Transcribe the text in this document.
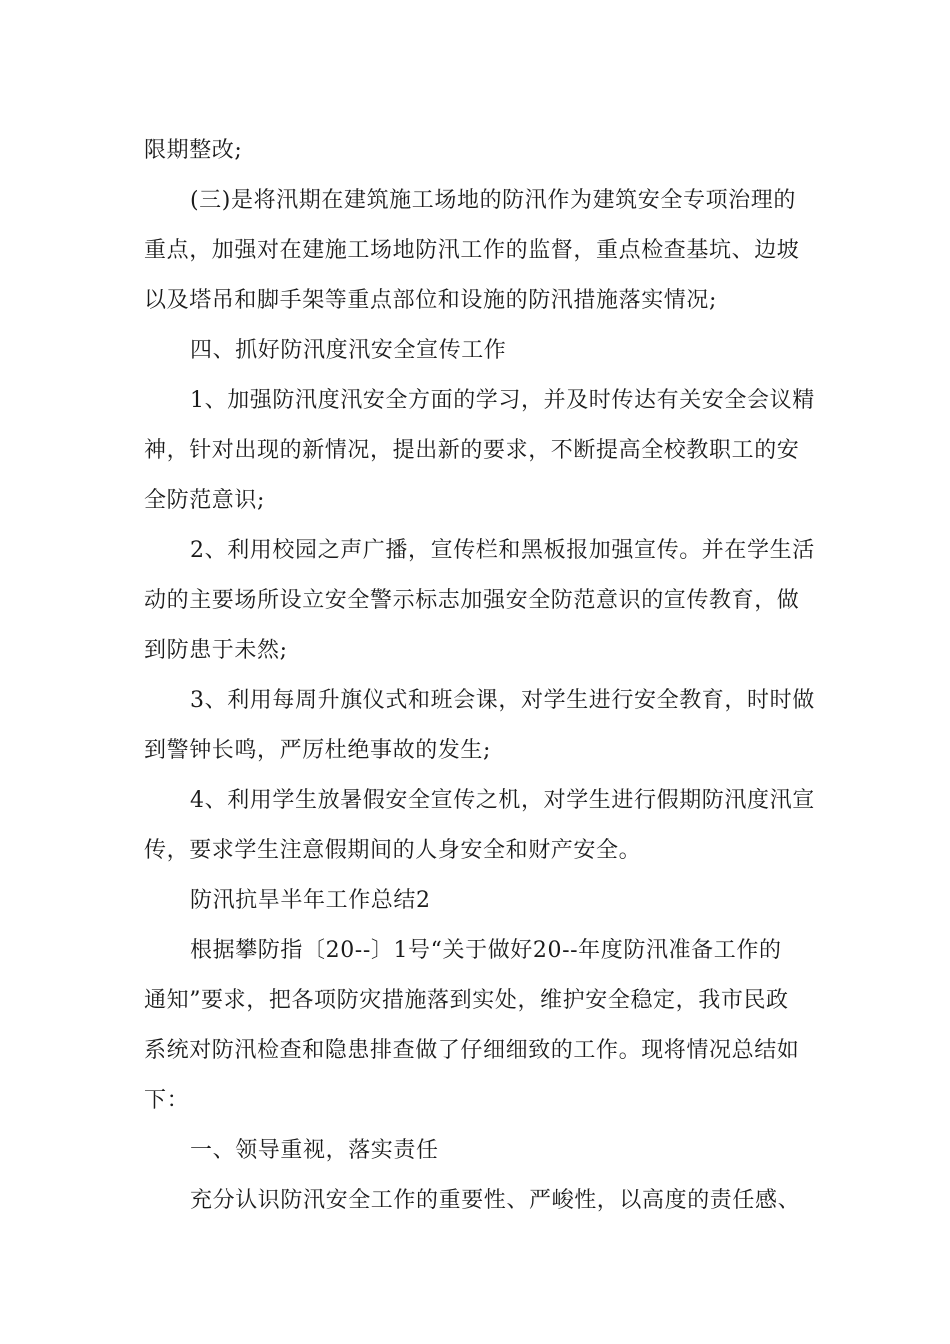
限期整改;
(三)是将汛期在建筑施工场地的防汛作为建筑安全专项治理的
重点，加强对在建施工场地防汛工作的监督，重点检查基坑、边坡
以及塔吊和脚手架等重点部位和设施的防汛措施落实情况;
四、抓好防汛度汛安全宣传工作
1、加强防汛度汛安全方面的学习，并及时传达有关安全会议精
神，针对出现的新情况，提出新的要求，不断提高全校教职工的安
全防范意识;
2、利用校园之声广播，宣传栏和黑板报加强宣传。并在学生活
动的主要场所设立安全警示标志加强安全防范意识的宣传教育，做
到防患于未然;
3、利用每周升旗仪式和班会课，对学生进行安全教育，时时做
到警钟长鸣，严厉杜绝事故的发生;
4、利用学生放暑假安全宣传之机，对学生进行假期防汛度汛宣
传，要求学生注意假期间的人身安全和财产安全。
防汛抗旱半年工作总结2
根据攀防指〔20--〕1号“关于做好20--年度防汛准备工作的
通知”要求，把各项防灾措施落到实处，维护安全稳定，我市民政
系统对防汛检查和隐患排查做了仔细细致的工作。现将情况总结如
下：
一、领导重视，落实责任
充分认识防汛安全工作的重要性、严峻性，以高度的责任感、
